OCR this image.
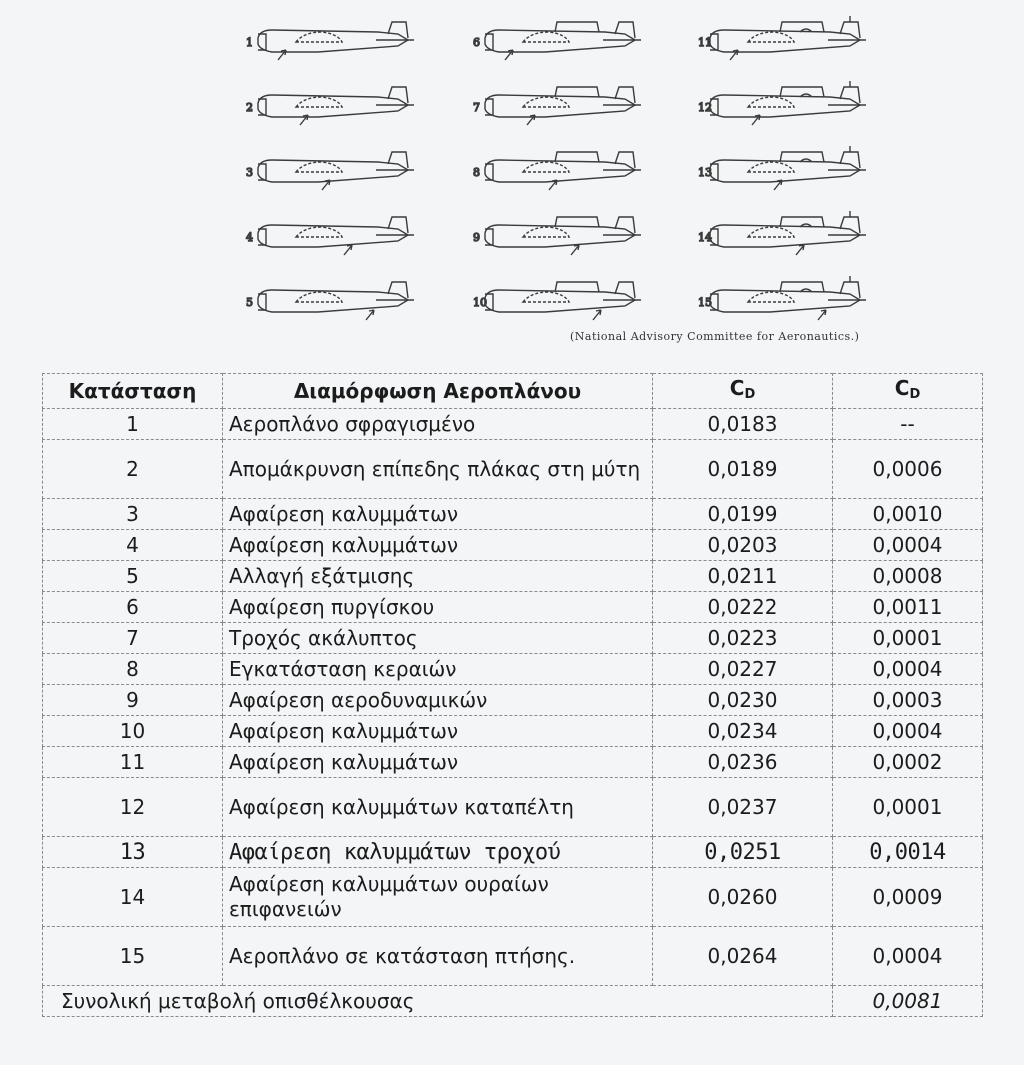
1
2
3
4
5
6
7
8
9
10
11
12
13
14
15
(National Advisory Committee for Aeronautics.)
Κατάσταση	Διαμόρφωση Αεροπλάνου	$C_D$	$C_D$
1	Αεροπλάνο σφραγισμένο	0,0183	--
2	Απομάκρυνση επίπεδης πλάκας στη μύτη	0,0189	0,0006
3	Αφαίρεση καλυμμάτων	0,0199	0,0010
4	Αφαίρεση καλυμμάτων	0,0203	0,0004
5	Αλλαγή εξάτμισης	0,0211	0,0008
6	Αφαίρεση πυργίσκου	0,0222	0,0011
7	Τροχός ακάλυπτος	0,0223	0,0001
8	Εγκατάσταση κεραιών	0,0227	0,0004
9	Αφαίρεση αεροδυναμικών	0,0230	0,0003
10	Αφαίρεση καλυμμάτων	0,0234	0,0004
11	Αφαίρεση καλυμμάτων	0,0236	0,0002
12	Αφαίρεση καλυμμάτων καταπέλτη	0,0237	0,0001
13	Αφαίρεση καλυμμάτων τροχού	0,0251	0,0014
14	Αφαίρεση καλυμμάτων ουραίων επιφανειών	0,0260	0,0009
15	Αεροπλάνο σε κατάσταση πτήσης.	0,0264	0,0004
Συνολική μεταβολή οπισθέλκουσας			0,0081
